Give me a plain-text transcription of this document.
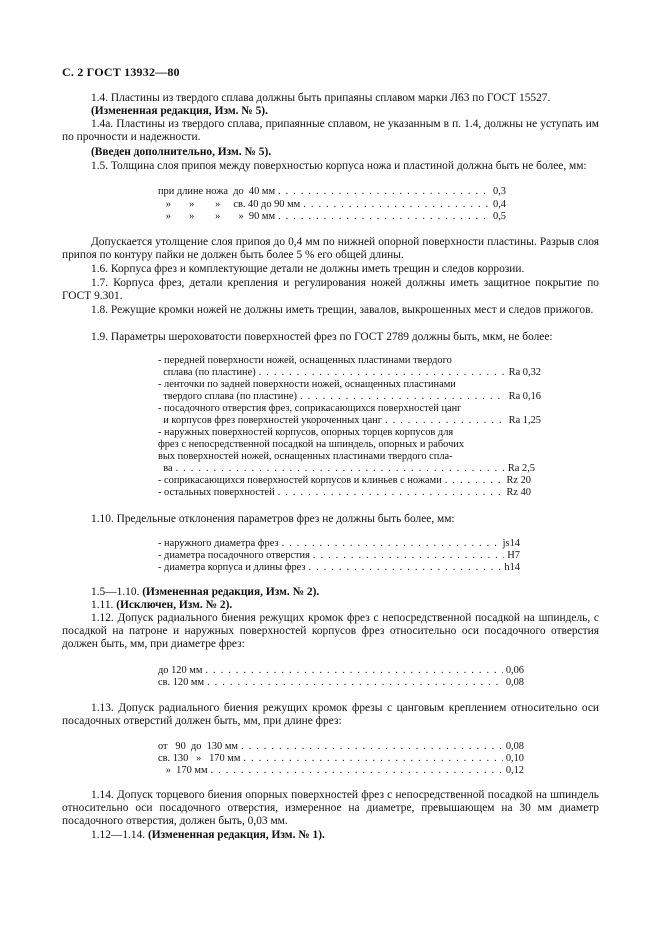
С. 2 ГОСТ 13932—80
1.4. Пластины из твердого сплава должны быть припаяны сплавом марки Л63 по ГОСТ 15527.
(Измененная редакция, Изм. № 5).
1.4а. Пластины из твердого сплава, припаянные сплавом, не указанным в п. 1.4, должны не уступать им по прочности и надежности.
(Введен дополнительно, Изм. № 5).
1.5. Толщина слоя припоя между поверхностью корпуса ножа и пластиной должна быть не более, мм:
при длине ножа  до  40 мм . . .	0,3
»       »        »     св. 40 до 90 мм . . .	0,4
»       »        »       »  90 мм . . .	0,5
Допускается утолщение слоя припоя до 0,4 мм по нижней опорной поверхности пластины. Разрыв слоя припоя по контуру пайки не должен быть более 5 % его общей длины.
1.6. Корпуса фрез и комплектующие детали не должны иметь трещин и следов коррозии.
1.7. Корпуса фрез, детали крепления и регулирования ножей должны иметь защитное покрытие по ГОСТ 9.301.
1.8. Режущие кромки ножей не должны иметь трещин, завалов, выкрошенных мест и следов прижогов.
1.9. Параметры шероховатости поверхностей фрез по ГОСТ 2789 должны быть, мкм, не более:
- передней поверхности ножей, оснащенных пластинами твердого
сплава (по пластине) . . .	Ra 0,32
- ленточки по задней поверхности ножей, оснащенных пластинами
твердого сплава (по пластине) . . .	Ra 0,16
- посадочного отверстия фрез, соприкасающихся поверхностей цанг
и корпусов фрез поверхностей укороченных цанг . . .	Ra 1,25
- наружных поверхностей корпусов, опорных торцев корпусов для
фрез с непосредственной посадкой на шпиндель, опорных и рабочих
вых поверхностей ножей, оснащенных пластинами твердого спла-
ва . . .	Ra 2,5
- соприкасающихся поверхностей корпусов и клиньев с ножами . . .	Rz 20
- остальных поверхностей . . .	Rz 40
1.10. Предельные отклонения параметров фрез не должны быть более, мм:
- наружного диаметра фрез . . .	js14
- диаметра посадочного отверстия . . .	H7
- диаметра корпуса и длины фрез . . .	h14
1.5—1.10. (Измененная редакция, Изм. № 2).
1.11. (Исключен, Изм. № 2).
1.12. Допуск радиального биения режущих кромок фрез с непосредственной посадкой на шпиндель, с посадкой на патроне и наружных поверхностей корпусов фрез относительно оси посадочного отверстия должен быть, мм, при диаметре фрез:
до 120 мм . . .	0,06
св. 120 мм . . .	0,08
1.13. Допуск радиального биения режущих кромок фрезы с цанговым креплением относительно оси посадочных отверстий должен быть, мм, при длине фрез:
от   90  до  130 мм . . .	0,08
св. 130   »   170 мм . . .	0,10
»  170 мм . . .	0,12
1.14. Допуск торцевого биения опорных поверхностей фрез с непосредственной посадкой на шпиндель относительно оси посадочного отверстия, измеренное на диаметре, превышающем на 30 мм диаметр посадочного отверстия, должен быть, 0,03 мм.
1.12—1.14. (Измененная редакция, Изм. № 1).
